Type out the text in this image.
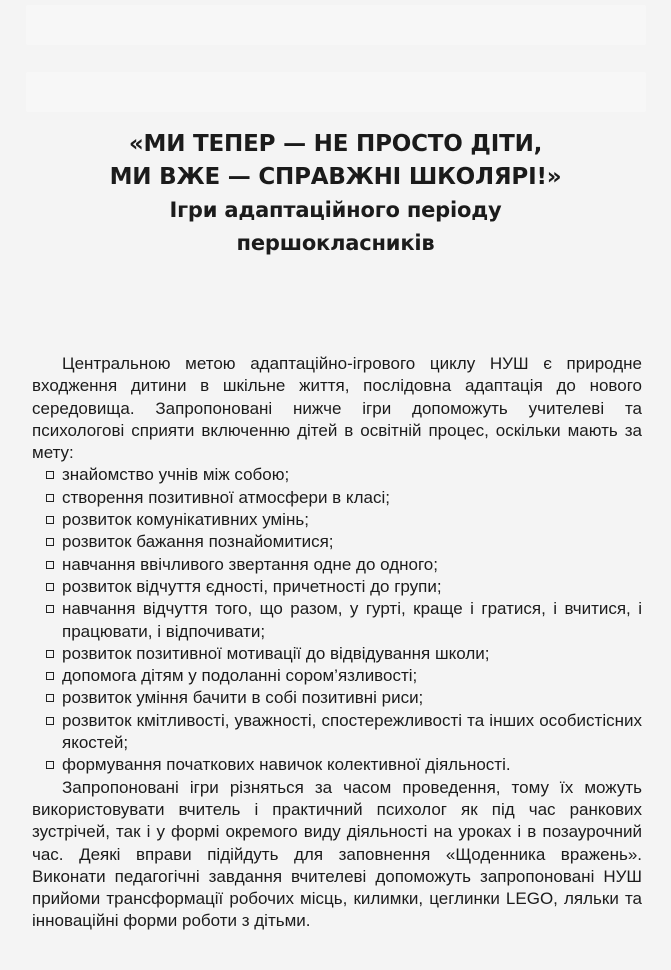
«МИ ТЕПЕР — НЕ ПРОСТО ДІТИ,
МИ ВЖЕ — СПРАВЖНІ ШКОЛЯРІ!»
Ігри адаптаційного періоду
першокласників

Центральною метою адаптаційно-ігрового циклу НУШ є природне входження дитини в шкільне життя, послідовна адаптація до нового середовища. Запропоновані нижче ігри допоможуть учителеві та психологові сприяти включенню дітей в освітній процес, оскільки мають за мету:

знайомство учнів між собою;
створення позитивної атмосфери в класі;
розвиток комунікативних умінь;
розвиток бажання познайомитися;
навчання ввічливого звертання одне до одного;
розвиток відчуття єдності, причетності до групи;
навчання відчуття того, що разом, у гурті, краще і гратися, і вчитися, і працювати, і відпочивати;
розвиток позитивної мотивації до відвідування школи;
допомога дітям у подоланні сором’язливості;
розвиток уміння бачити в собі позитивні риси;
розвиток кмітливості, уважності, спостережливості та інших особистісних якостей;
формування початкових навичок колективної діяльності.

Запропоновані ігри різняться за часом проведення, тому їх можуть використовувати вчитель і практичний психолог як під час ранкових зустрічей, так і у формі окремого виду діяльності на уроках і в позаурочний час. Деякі вправи підійдуть для заповнення «Щоденника вражень». Виконати педагогічні завдання вчителеві допоможуть запропоновані НУШ прийоми трансформації робочих місць, килимки, цеглинки LEGO, ляльки та інноваційні форми роботи з дітьми.
